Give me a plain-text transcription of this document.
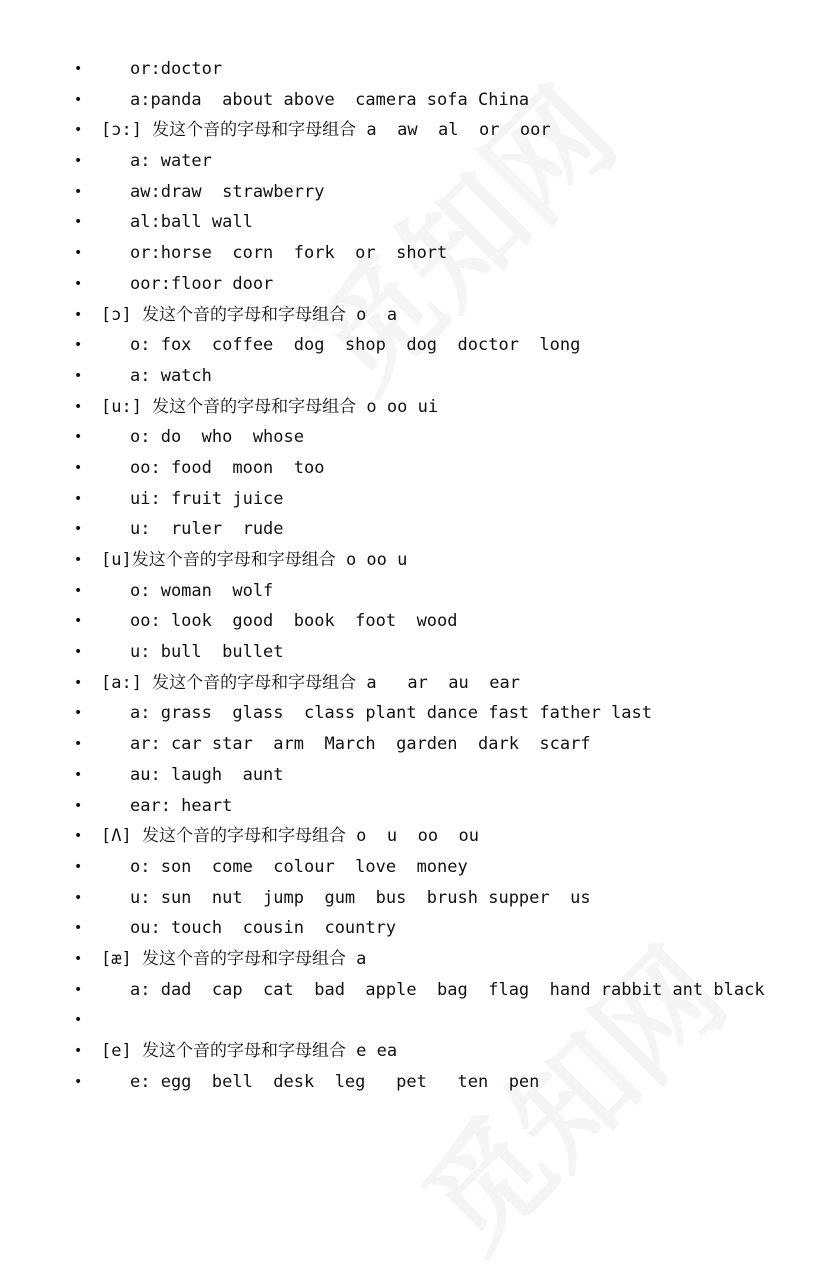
•	or:doctor
•	a:panda  about above  camera sofa China
• [ɔ:] 发这个音的字母和字母组合 a  aw  al  or  oor
•	a: water
•	aw:draw  strawberry
•	al:ball wall
•	or:horse  corn  fork  or  short
•	oor:floor door
• [ɔ] 发这个音的字母和字母组合 o  a
•	o: fox  coffee  dog  shop  dog  doctor  long
•	a: watch
• [u:] 发这个音的字母和字母组合 o oo ui
•	o: do  who  whose
•	oo: food  moon  too
•	ui: fruit juice
•	u:  ruler  rude
• [u]发这个音的字母和字母组合 o oo u
•	o: woman  wolf
•	oo: look  good  book  foot  wood
•	u: bull  bullet
• [a:] 发这个音的字母和字母组合 a   ar  au  ear
•	a: grass  glass  class plant dance fast father last
•	ar: car star  arm  March  garden  dark  scarf
•	au: laugh  aunt
•	ear: heart
• [Λ] 发这个音的字母和字母组合 o  u  oo  ou
•	o: son  come  colour  love  money
•	u: sun  nut  jump  gum  bus  brush supper  us
•	ou: touch  cousin  country
• [æ] 发这个音的字母和字母组合 a
•	a: dad  cap  cat  bad  apple  bag  flag  hand rabbit ant black
•
• [e] 发这个音的字母和字母组合 e ea
•	e: egg  bell  desk  leg   pet   ten  pen
